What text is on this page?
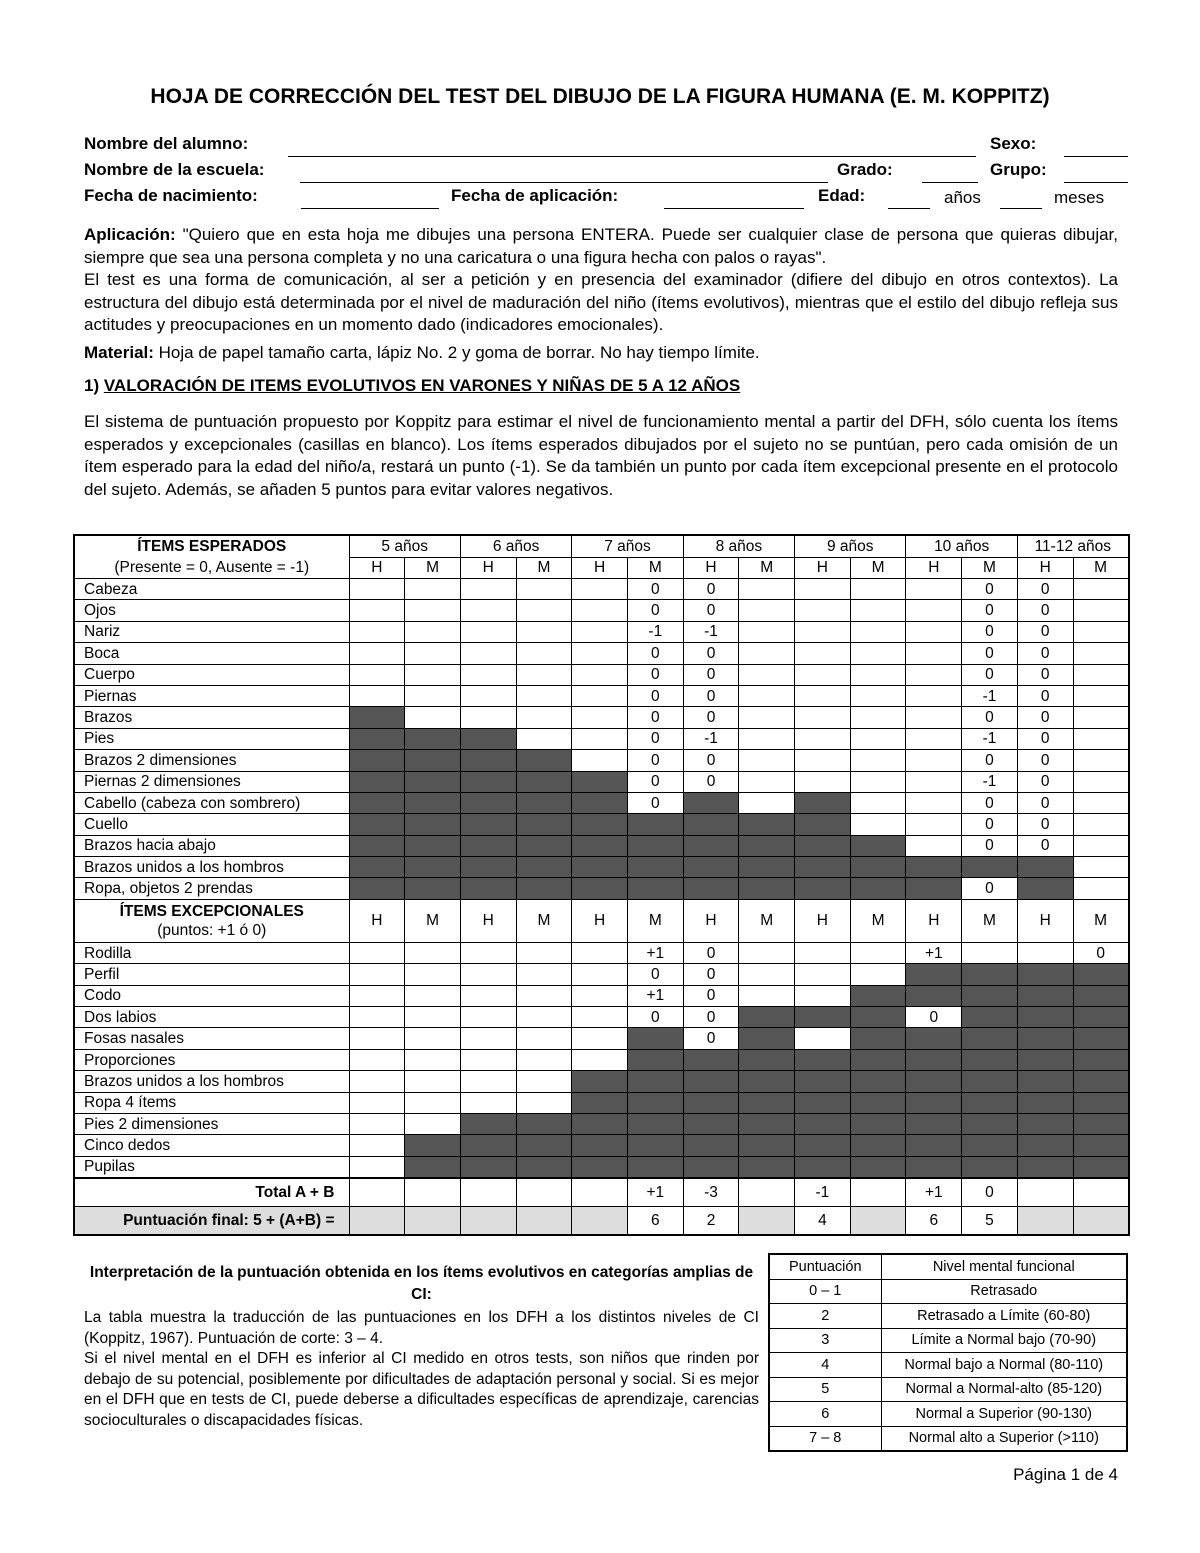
HOJA DE CORRECCIÓN DEL TEST DEL DIBUJO DE LA FIGURA HUMANA (E. M. KOPPITZ)
Nombre del alumno:	Sexo:
Nombre de la escuela:	Grado:	Grupo:
Fecha de nacimiento:	Fecha de aplicación:	Edad:	años	meses

Aplicación: "Quiero que en esta hoja me dibujes una persona ENTERA. Puede ser cualquier clase de persona que quieras dibujar, siempre que sea una persona completa y no una caricatura o una figura hecha con palos o rayas".

El test es una forma de comunicación, al ser a petición y en presencia del examinador (difiere del dibujo en otros contextos). La estructura del dibujo está determinada por el nivel de maduración del niño (ítems evolutivos), mientras que el estilo del dibujo refleja sus actitudes y preocupaciones en un momento dado (indicadores emocionales).

Material: Hoja de papel tamaño carta, lápiz No. 2 y goma de borrar. No hay tiempo límite.

1) VALORACIÓN DE ITEMS EVOLUTIVOS EN VARONES Y NIÑAS DE 5 A 12 AÑOS

El sistema de puntuación propuesto por Koppitz para estimar el nivel de funcionamiento mental a partir del DFH, sólo cuenta los ítems esperados y excepcionales (casillas en blanco). Los ítems esperados dibujados por el sujeto no se puntúan, pero cada omisión de un ítem esperado para la edad del niño/a, restará un punto (-1). Se da también un punto por cada ítem excepcional presente en el protocolo del sujeto. Además, se añaden 5 puntos para evitar valores negativos.

ÍTEMS ESPERADOS
(Presente = 0, Ausente = -1)	5 años		6 años		7 años		8 años		9 años		10 años		11-12 años	
	H	M	H	M	H	M	H	M	H	M	H	M	H	M
Cabeza						0	0					0	0	
Ojos						0	0					0	0	
Nariz						-1	-1					0	0	
Boca						0	0					0	0	
Cuerpo						0	0					0	0	
Piernas						0	0					-1	0	
Brazos						0	0					0	0	
Pies						0	-1					-1	0	
Brazos 2 dimensiones						0	0					0	0	
Piernas 2 dimensiones						0	0					-1	0	
Cabello (cabeza con sombrero)						0						0	0	
Cuello												0	0	
Brazos hacia abajo												0	0	
Brazos unidos a los hombros														
Ropa, objetos 2 prendas												0		
ÍTEMS EXCEPCIONALES
(puntos: +1 ó 0)	H	M	H	M	H	M	H	M	H	M	H	M	H	M
Rodilla						+1	0				+1			0
Perfil						0	0							
Codo						+1	0							
Dos labios						0	0				0			
Fosas nasales							0							
Proporciones														
Brazos unidos a los hombros														
Ropa 4 ítems														
Pies 2 dimensiones														
Cinco dedos														
Pupilas														
Total A + B						+1	-3		-1		+1	0		
Puntuación final: 5 + (A+B) =						6	2		4		6	5		
Interpretación de la puntuación obtenida en los ítems evolutivos en categorías amplias de CI:
La tabla muestra la traducción de las puntuaciones en los DFH a los distintos niveles de CI (Koppitz, 1967). Puntuación de corte: 3 – 4.
Si el nivel mental en el DFH es inferior al CI medido en otros tests, son niños que rinden por debajo de su potencial, posiblemente por dificultades de adaptación personal y social. Si es mejor en el DFH que en tests de CI, puede deberse a dificultades específicas de aprendizaje, carencias socioculturales o discapacidades físicas.
Puntuación	Nivel mental funcional
0 – 1	Retrasado
2	Retrasado a Límite (60-80)
3	Límite a Normal bajo (70-90)
4	Normal bajo a Normal (80-110)
5	Normal a Normal-alto (85-120)
6	Normal a Superior (90-130)
7 – 8	Normal alto a Superior (>110)
Página 1 de 4
